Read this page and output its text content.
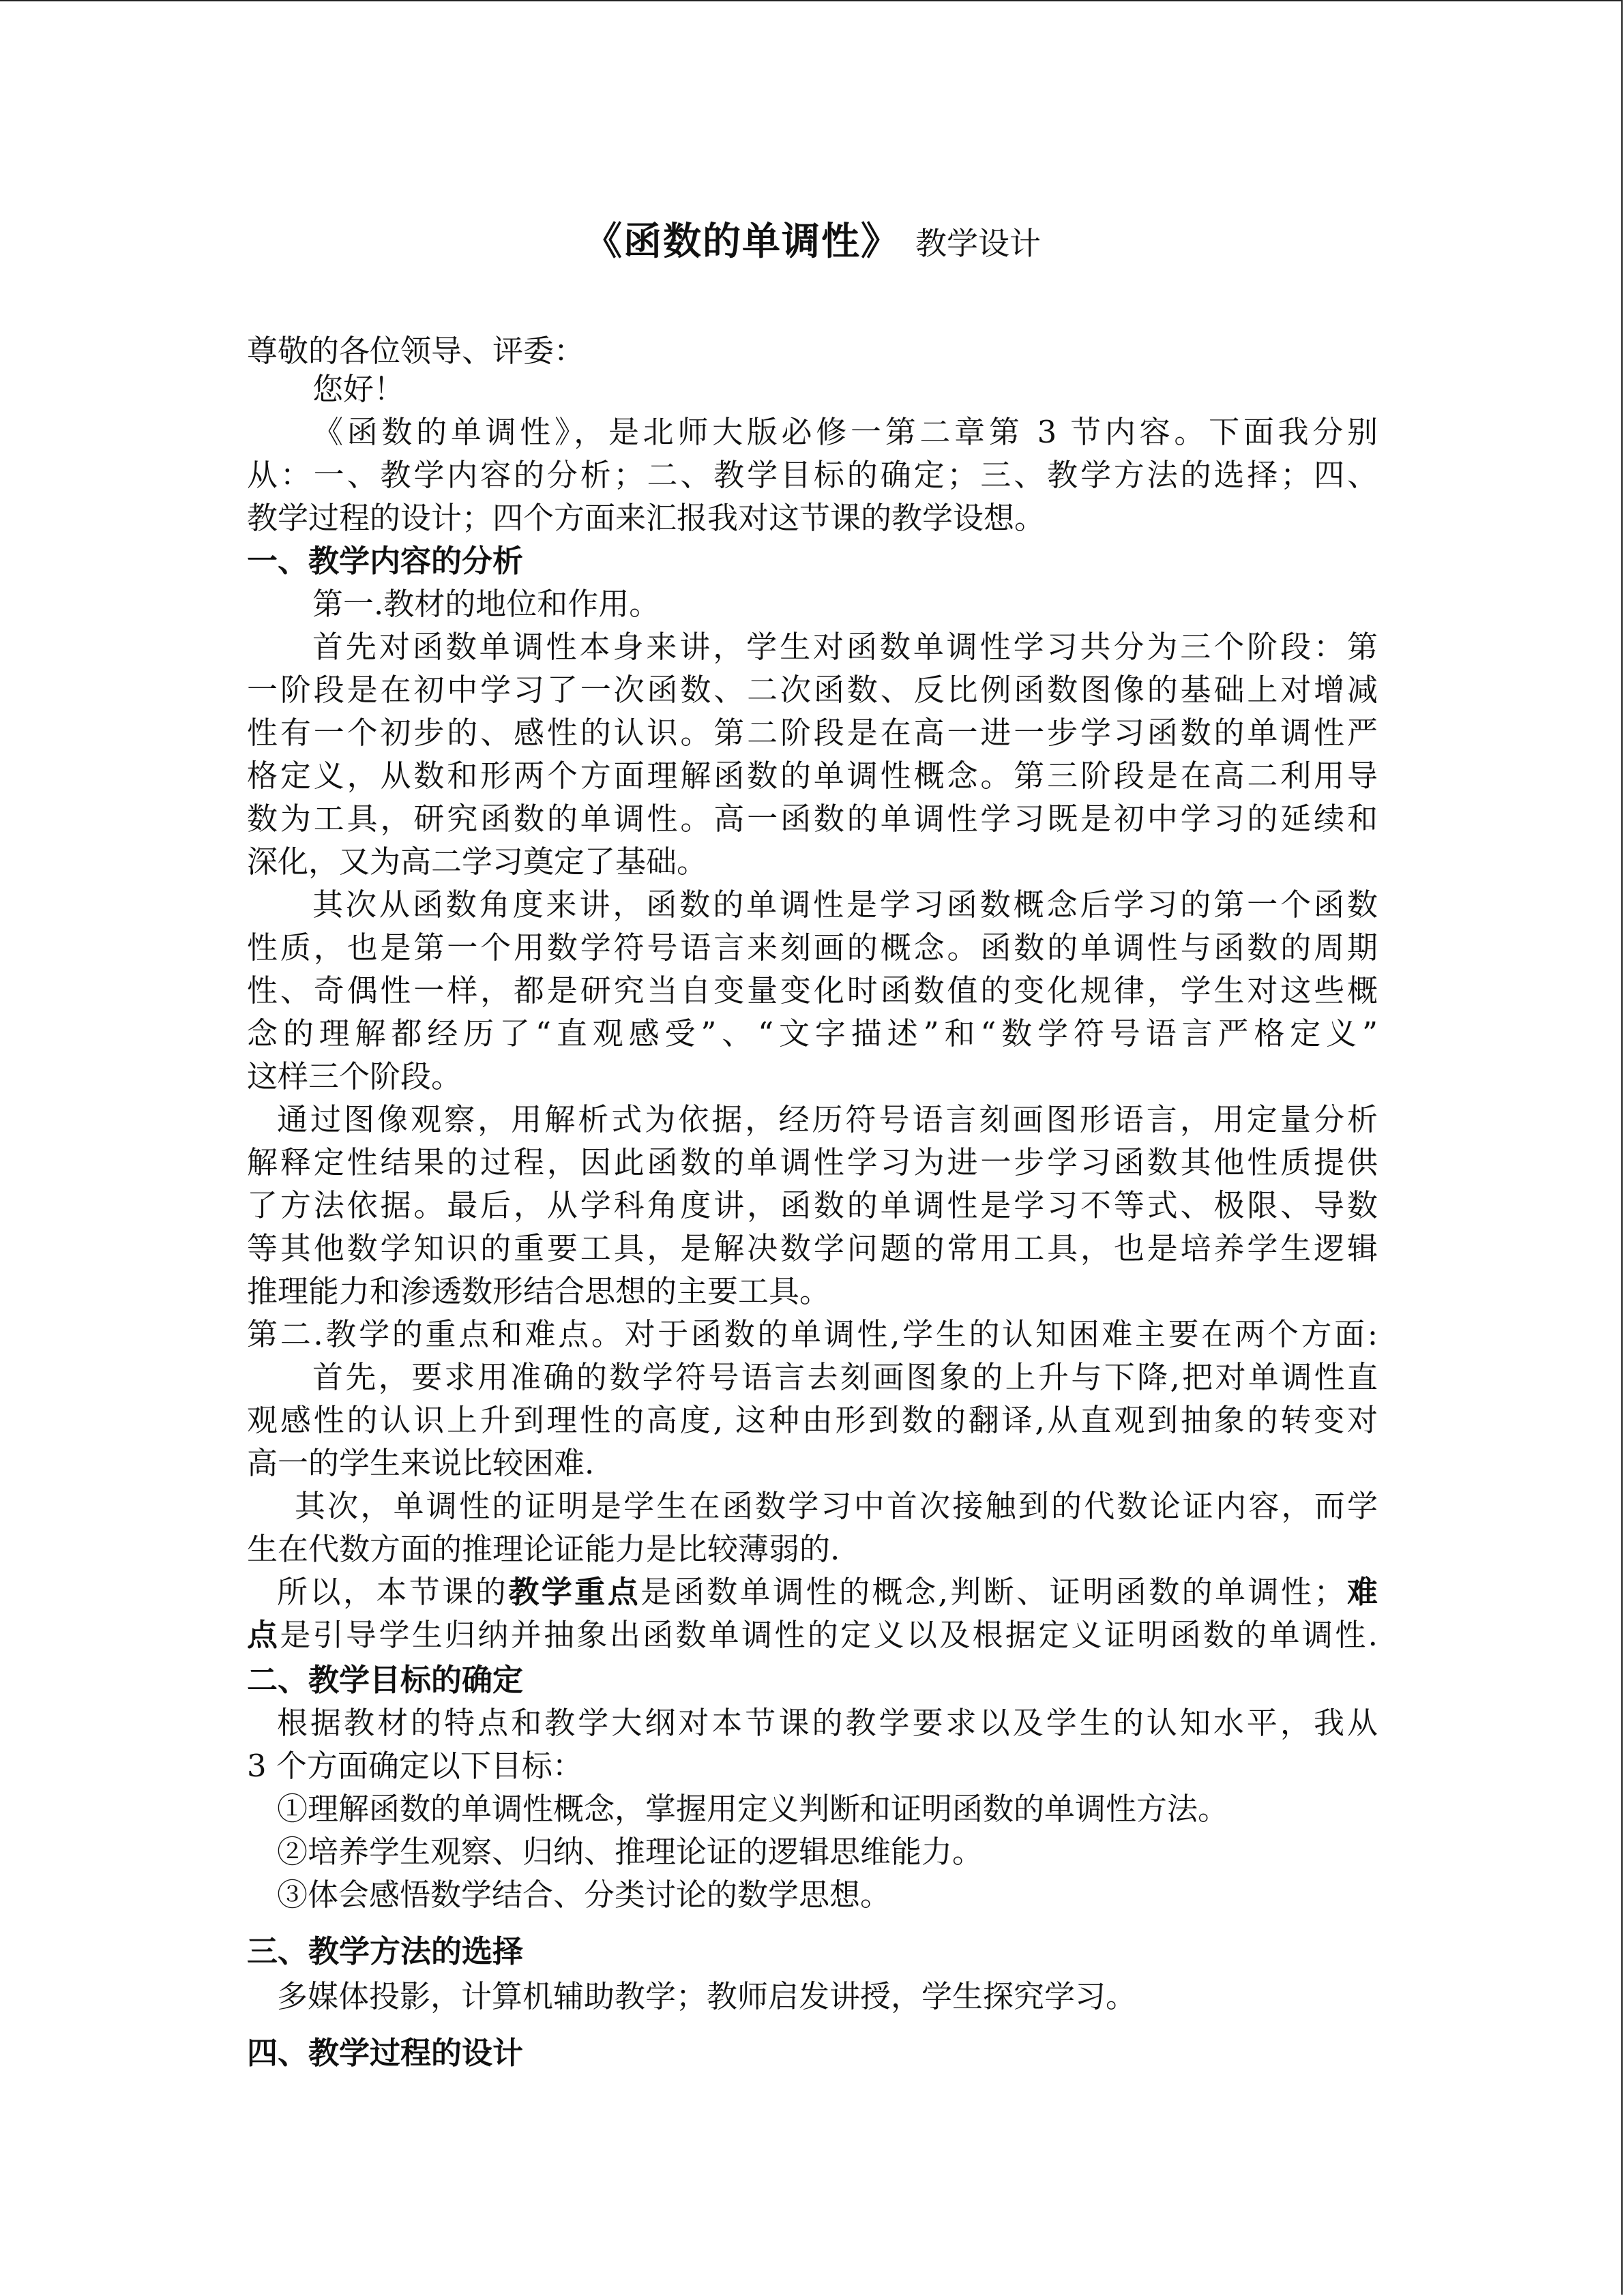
《函数的单调性》 教学设计
尊敬的各位领导、评委：
您好！
《函数的单调性》，是北师大版必修一第二章第 3 节内容。下面我分别
从：一、教学内容的分析；二、教学目标的确定；三、教学方法的选择；四、
教学过程的设计；四个方面来汇报我对这节课的教学设想。
一、教学内容的分析
第一.教材的地位和作用。
首先对函数单调性本身来讲，学生对函数单调性学习共分为三个阶段：第
一阶段是在初中学习了一次函数、二次函数、反比例函数图像的基础上对增减
性有一个初步的、感性的认识。第二阶段是在高一进一步学习函数的单调性严
格定义，从数和形两个方面理解函数的单调性概念。第三阶段是在高二利用导
数为工具，研究函数的单调性。高一函数的单调性学习既是初中学习的延续和
深化，又为高二学习奠定了基础。
其次从函数角度来讲，函数的单调性是学习函数概念后学习的第一个函数
性质，也是第一个用数学符号语言来刻画的概念。函数的单调性与函数的周期
性、奇偶性一样，都是研究当自变量变化时函数值的变化规律，学生对这些概
念的理解都经历了“直观感受”、“文字描述”和“数学符号语言严格定义”
这样三个阶段。
通过图像观察，用解析式为依据，经历符号语言刻画图形语言，用定量分析
解释定性结果的过程，因此函数的单调性学习为进一步学习函数其他性质提供
了方法依据。最后，从学科角度讲，函数的单调性是学习不等式、极限、导数
等其他数学知识的重要工具，是解决数学问题的常用工具，也是培养学生逻辑
推理能力和渗透数形结合思想的主要工具。
第二.教学的重点和难点。对于函数的单调性,学生的认知困难主要在两个方面:
首先，要求用准确的数学符号语言去刻画图象的上升与下降,把对单调性直
观感性的认识上升到理性的高度, 这种由形到数的翻译,从直观到抽象的转变对
高一的学生来说比较困难.
其次，单调性的证明是学生在函数学习中首次接触到的代数论证内容，而学
生在代数方面的推理论证能力是比较薄弱的.
所以，本节课的教学重点是函数单调性的概念,判断、证明函数的单调性；难
点是引导学生归纳并抽象出函数单调性的定义以及根据定义证明函数的单调性.
二、教学目标的确定
根据教材的特点和教学大纲对本节课的教学要求以及学生的认知水平，我从
3 个方面确定以下目标：
①理解函数的单调性概念，掌握用定义判断和证明函数的单调性方法。
②培养学生观察、归纳、推理论证的逻辑思维能力。
③体会感悟数学结合、分类讨论的数学思想。
三、教学方法的选择
多媒体投影，计算机辅助教学；教师启发讲授，学生探究学习。
四、教学过程的设计
